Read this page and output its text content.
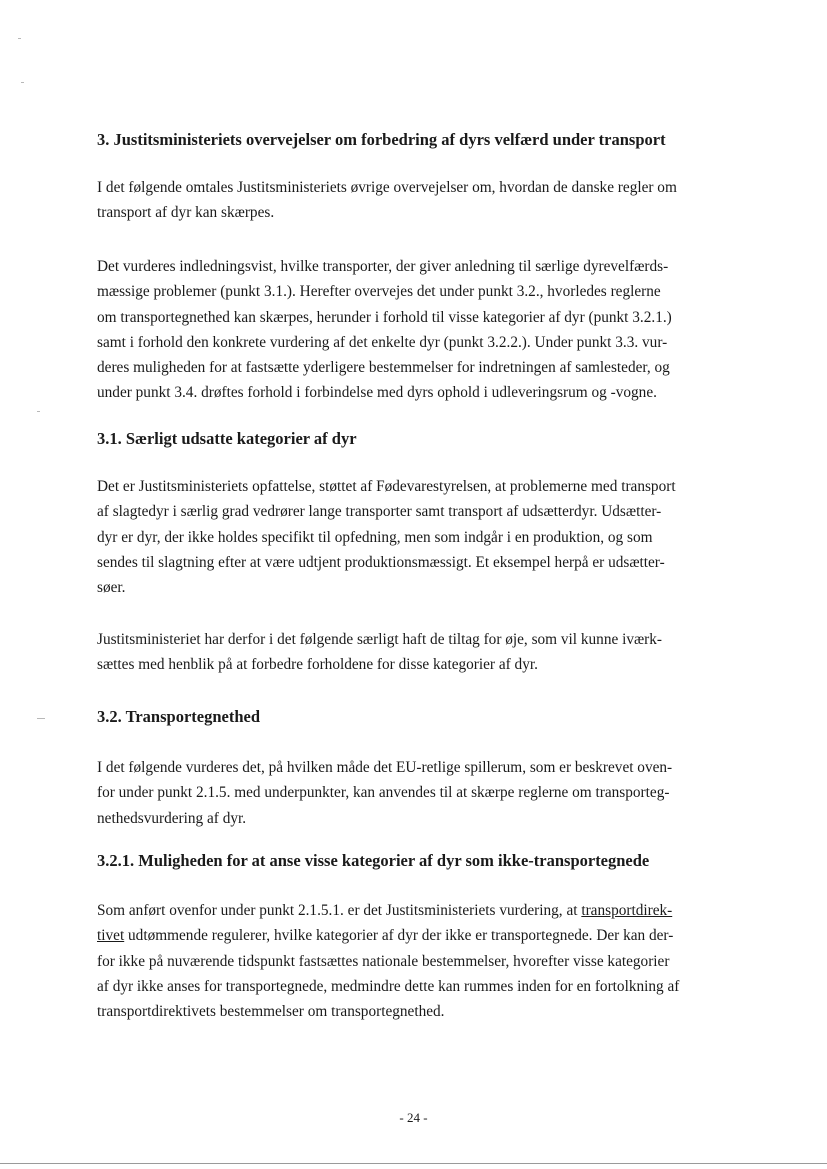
3. Justitsministeriets overvejelser om forbedring af dyrs velfærd under transport

I det følgende omtales Justitsministeriets øvrige overvejelser om, hvordan de danske regler om
transport af dyr kan skærpes.

Det vurderes indledningsvist, hvilke transporter, der giver anledning til særlige dyrevelfærds-
mæssige problemer (punkt 3.1.). Herefter overvejes det under punkt 3.2., hvorledes reglerne
om transportegnethed kan skærpes, herunder i forhold til visse kategorier af dyr (punkt 3.2.1.)
samt i forhold den konkrete vurdering af det enkelte dyr (punkt 3.2.2.). Under punkt 3.3. vur-
deres muligheden for at fastsætte yderligere bestemmelser for indretningen af samlesteder, og
under punkt 3.4. drøftes forhold i forbindelse med dyrs ophold i udleveringsrum og -vogne.

3.1. Særligt udsatte kategorier af dyr

Det er Justitsministeriets opfattelse, støttet af Fødevarestyrelsen, at problemerne med transport
af slagtedyr i særlig grad vedrører lange transporter samt transport af udsætterdyr. Udsætter-
dyr er dyr, der ikke holdes specifikt til opfedning, men som indgår i en produktion, og som
sendes til slagtning efter at være udtjent produktionsmæssigt. Et eksempel herpå er udsætter-
søer.

Justitsministeriet har derfor i det følgende særligt haft de tiltag for øje, som vil kunne iværk-
sættes med henblik på at forbedre forholdene for disse kategorier af dyr.

3.2. Transportegnethed

I det følgende vurderes det, på hvilken måde det EU-retlige spillerum, som er beskrevet oven-
for under punkt 2.1.5. med underpunkter, kan anvendes til at skærpe reglerne om transporteg-
nethedsvurdering af dyr.

3.2.1. Muligheden for at anse visse kategorier af dyr som ikke-transportegnede

Som anført ovenfor under punkt 2.1.5.1. er det Justitsministeriets vurdering, at transportdirek-
tivet udtømmende regulerer, hvilke kategorier af dyr der ikke er transportegnede. Der kan der-
for ikke på nuværende tidspunkt fastsættes nationale bestemmelser, hvorefter visse kategorier
af dyr ikke anses for transportegnede, medmindre dette kan rummes inden for en fortolkning af
transportdirektivets bestemmelser om transportegnethed.

- 24 -
